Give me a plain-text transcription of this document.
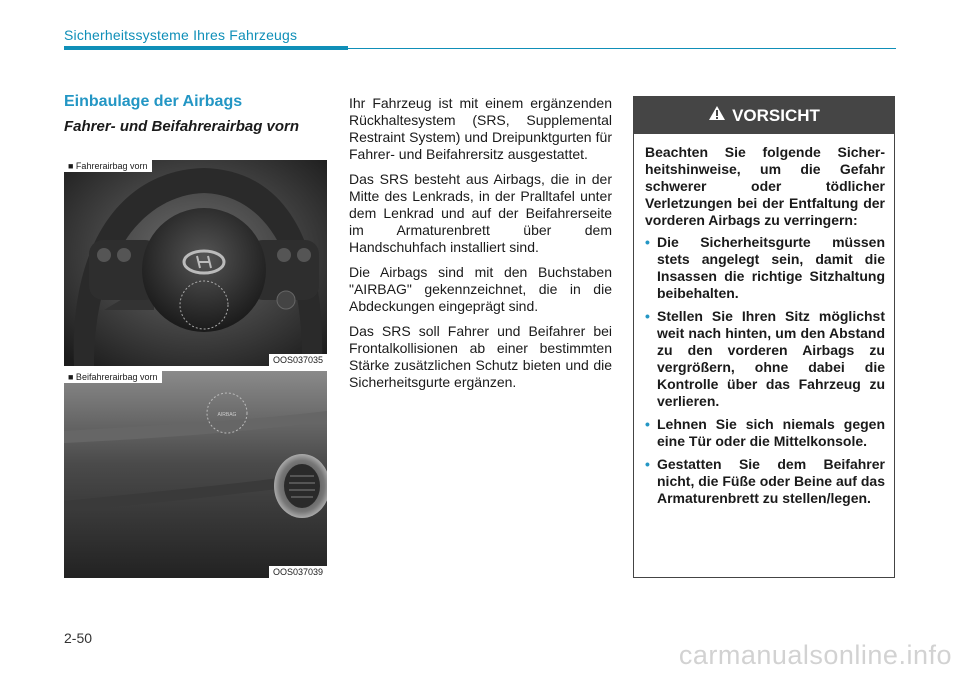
Sicherheitssysteme Ihres Fahrzeugs
Einbaulage der Airbags
Fahrer- und Beifahrerairbag vorn
■ Fahrerairbag vorn
OOS037035
AIRBAG
■ Beifahrerairbag vorn
OOS037039

Ihr Fahrzeug ist mit einem ergänzenden Rückhaltesystem (SRS, Supplemental Restraint System) und Dreipunktgurten für Fahrer- und Beifahrersitz ausgestattet.

Das SRS besteht aus Airbags, die in der Mitte des Lenkrads, in der Pralltafel unter dem Lenkrad und auf der Beifahrerseite im Armaturenbrett über dem Handschuhfach installiert sind.

Die Airbags sind mit den Buchstaben "AIRBAG" gekennzeichnet, die in die Abdeckungen eingeprägt sind.

Das SRS soll Fahrer und Beifahrer bei Frontalkollisionen ab einer bestimmten Stärke zusätzlichen Schutz bieten und die Sicherheitsgurte ergänzen.

VORSICHT

Beachten Sie folgende Sicherheitshinweise, um die Gefahr schwerer oder tödlicher Verletzungen bei der Entfaltung der vorderen Airbags zu verringern:

• Die Sicherheitsgurte müssen stets angelegt sein, damit die Insassen die richtige Sitzhaltung beibehalten.
• Stellen Sie Ihren Sitz möglichst weit nach hinten, um den Abstand zu den vorderen Airbags zu vergrößern, ohne dabei die Kontrolle über das Fahrzeug zu verlieren.
• Lehnen Sie sich niemals gegen eine Tür oder die Mittelkonsole.
• Gestatten Sie dem Beifahrer nicht, die Füße oder Beine auf das Armaturenbrett zu stellen/legen.
2-50
carmanualsonline.info
